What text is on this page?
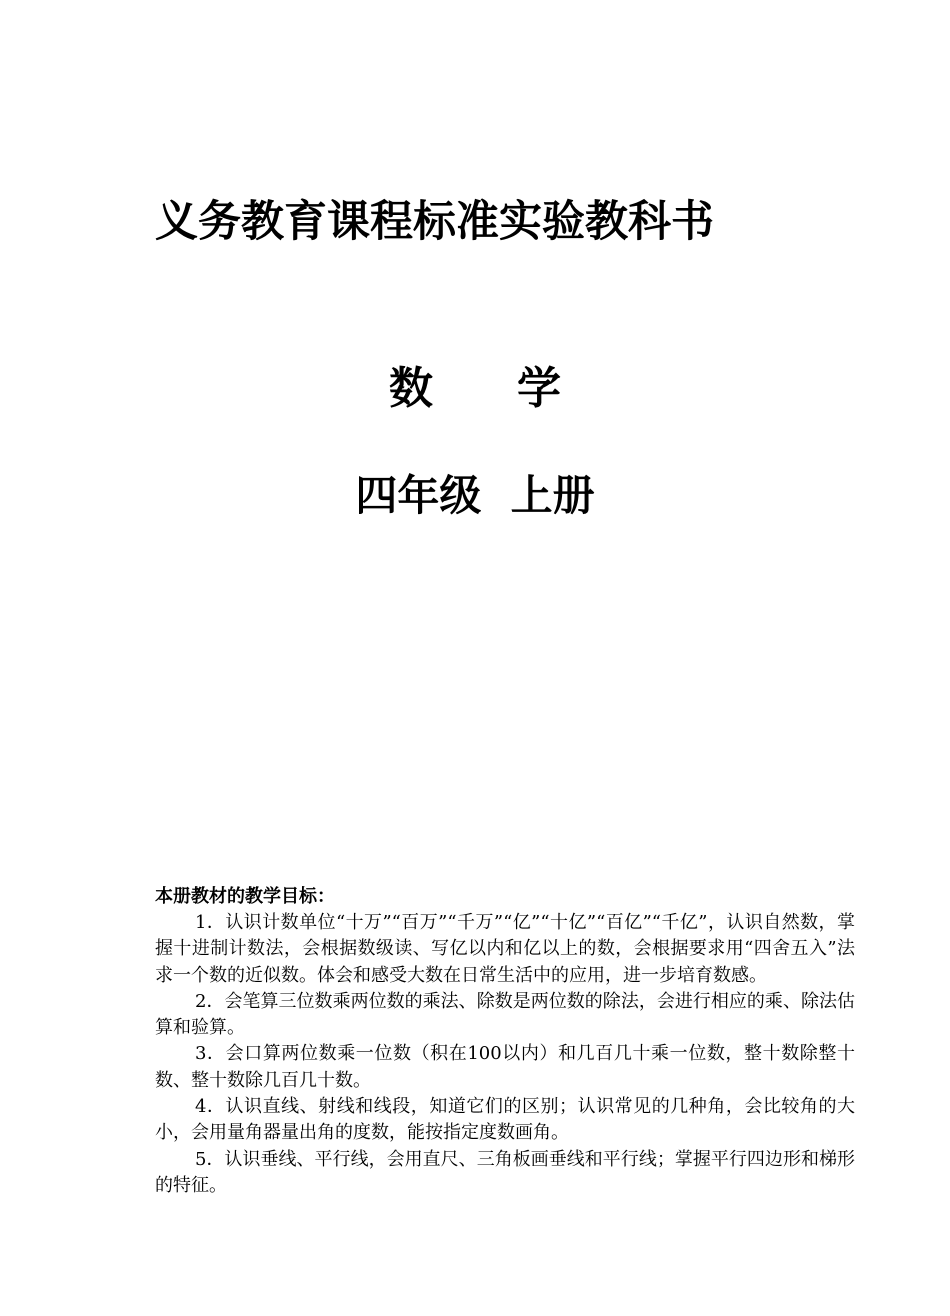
义务教育课程标准实验教科书
数 学
四年级  上册
本册教材的教学目标：

1．认识计数单位“十万”“百万”“千万”“亿”“十亿”“百亿”“千亿”，认识自然数，掌握十进制计数法，会根据数级读、写亿以内和亿以上的数，会根据要求用“四舍五入”法求一个数的近似数。体会和感受大数在日常生活中的应用，进一步培育数感。

2．会笔算三位数乘两位数的乘法、除数是两位数的除法，会进行相应的乘、除法估算和验算。

3．会口算两位数乘一位数（积在100以内）和几百几十乘一位数，整十数除整十数、整十数除几百几十数。

4．认识直线、射线和线段，知道它们的区别；认识常见的几种角，会比较角的大小，会用量角器量出角的度数，能按指定度数画角。

5．认识垂线、平行线，会用直尺、三角板画垂线和平行线；掌握平行四边形和梯形的特征。
